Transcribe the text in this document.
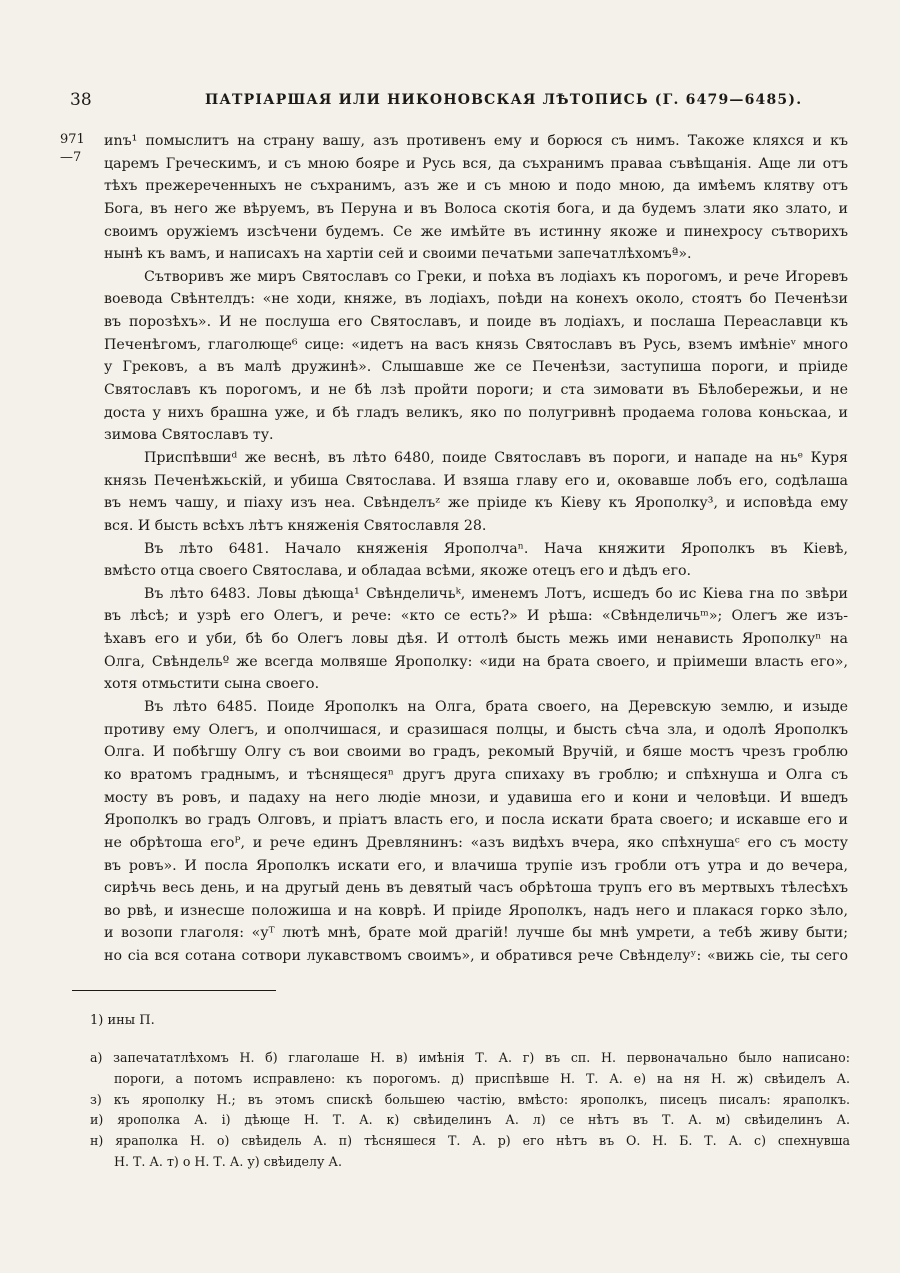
38	ПАТРІАРШАЯ ИЛИ НИКОНОВСКАЯ ЛѢТОПИСЬ (Г. 6479—6485).
971
—7
иnъ¹ помыслитъ на страну вашу, азъ противенъ ему и борюся съ нимъ. Такоже кляхся и къ
царемъ Греческимъ, и съ мною бояре и Русь вся, да съхранимъ праваа съвѣщанія. Аще ли отъ
тѣхъ прежереченныхъ не съхранимъ, азъ же и съ мною и подо мною, да имѣемъ клятву отъ
Бога, въ него же вѣруемъ, въ Перуна и въ Волоса скотія бога, и да будемъ злати яко злато, и
своимъ оружіемъ изсѣчени будемъ. Се же имѣйте въ истинну якоже и пинехросу сътворихъ
нынѣ къ вамъ, и написахъ на хартіи сей и своими печатьми запечатлѣхомъª».
Сътворивъ же миръ Святославъ со Греки, и поѣха въ лодіахъ къ порогомъ, и рече Игоревъ
воевода Свѣнтелдъ: «не ходи, княже, въ лодіахъ, поѣди на конехъ около, стоятъ бо Печенѣзи
въ порозѣхъ». И не послуша его Святославъ, и поиде въ лодіахъ, и послаша Переаславци къ
Печенѣгомъ, глаголюще⁶ сице: «идетъ на васъ князь Святославъ въ Русь, вземъ имѣніеᵛ много
у Грековъ, а въ малѣ дружинѣ». Слышавше же се Печенѣзи, заступиша пороги, и пріиде
Святославъ къ порогомъ, и не бѣ лзѣ пройти пороги; и ста зимовати въ Бѣлобережьи, и не
доста у нихъ брашна уже, и бѣ гладъ великъ, яко по полугривнѣ продаема голова коньскаа, и
зимова Святославъ ту.
Приспѣвшиᵈ же веснѣ, въ лѣто 6480, поиде Святославъ въ пороги, и нападе на ньᵉ Куря
князь Печенѣжьскій, и убиша Святослава. И взяша главу его и, оковавше лобъ его, содѣлаша
въ немъ чашу, и піаху изъ неа. Свѣнделъᶻ же пріиде къ Кіеву къ Ярополку³, и исповѣда ему
вся. И бысть всѣхъ лѣтъ княженія Святославля 28.
Въ лѣто 6481. Начало княженія Ярополчаⁿ. Нача княжити Ярополкъ въ Кіевѣ,
вмѣсто отца своего Святослава, и обладаа всѣми, якоже отецъ его и дѣдъ его.
Въ лѣто 6483. Ловы дѣюща¹ Свѣнделичьᵏ, именемъ Лотъ, исшедъ бо ис Кіева гна по звѣри
въ лѣсѣ; и узрѣ его Олегъ, и рече: «кто се есть?» И рѣша: «Свѣнделичьᵐ»; Олегъ же изъ-
ѣхавъ его и уби, бѣ бо Олегъ ловы дѣя. И оттолѣ бысть межь ими ненависть Ярополкуⁿ на
Олга, Свѣндельº же всегда молвяше Ярополку: «иди на брата своего, и пріимеши власть его»,
хотя отмьстити сына своего.
Въ лѣто 6485. Поиде Ярополкъ на Олга, брата своего, на Деревскую землю, и изыде
противу ему Олегъ, и ополчишася, и сразишася полцы, и бысть сѣча зла, и одолѣ Ярополкъ
Олга. И побѣгшу Олгу съ вои своими во градъ, рекомый Вручій, и бяше мостъ чрезъ гроблю
ко вратомъ граднымъ, и тѣснящесяⁿ другъ друга спихаху въ гроблю; и спѣхнуша и Олга съ
мосту въ ровъ, и падаху на него людіе мнози, и удавиша его и кони и человѣци. И вшедъ
Ярополкъ во градъ Олговъ, и пріатъ власть его, и посла искати брата своего; и искавше его и
не обрѣтоша егоᴾ, и рече единъ Древлянинъ: «азъ видѣхъ вчера, яко спѣхнушаᶜ его съ мосту
въ ровъ». И посла Ярополкъ искати его, и влачиша трупіе изъ гробли отъ утра и до вечера,
сирѣчь весь день, и на другый день въ девятый часъ обрѣтоша трупъ его въ мертвыхъ тѣлесѣхъ
во рвѣ, и изнесше положиша и на коврѣ. И пріиде Ярополкъ, надъ него и плакася горко зѣло,
и возопи глаголя: «уᵀ лютѣ мнѣ, брате мой драгій! лучше бы мнѣ умрети, а тебѣ живу быти;
но сіа вся сотана сотвори лукавствомъ своимъ», и обратився рече Свѣнделуʸ: «вижь сіе, ты сего
1) ины П.
а) запечататлѣхомъ Н. б) глаголаше Н. в) имѣнія Т. А. г) въ сп. Н. первоначально было написано:
пороги, а потомъ исправлено: къ порогомъ. д) приспѣвше Н. Т. А. е) на ня Н. ж) свѣиделъ А.
з) къ ярополку Н.; въ этомъ спискѣ большею частію, вмѣсто: ярополкъ, писецъ писалъ: яраполкъ.
и) ярополка А. і) дѣюще Н. Т. А. к) свѣиделинъ А. л) се нѣтъ въ Т. А. м) свѣиделинъ А.
н) яраполка Н. о) свѣидель А. п) тѣсняшеся Т. А. р) его нѣтъ въ О. Н. Б. Т. А. с) спехнувша
Н. Т. А. т) о Н. Т. А. у) свѣиделу А.
